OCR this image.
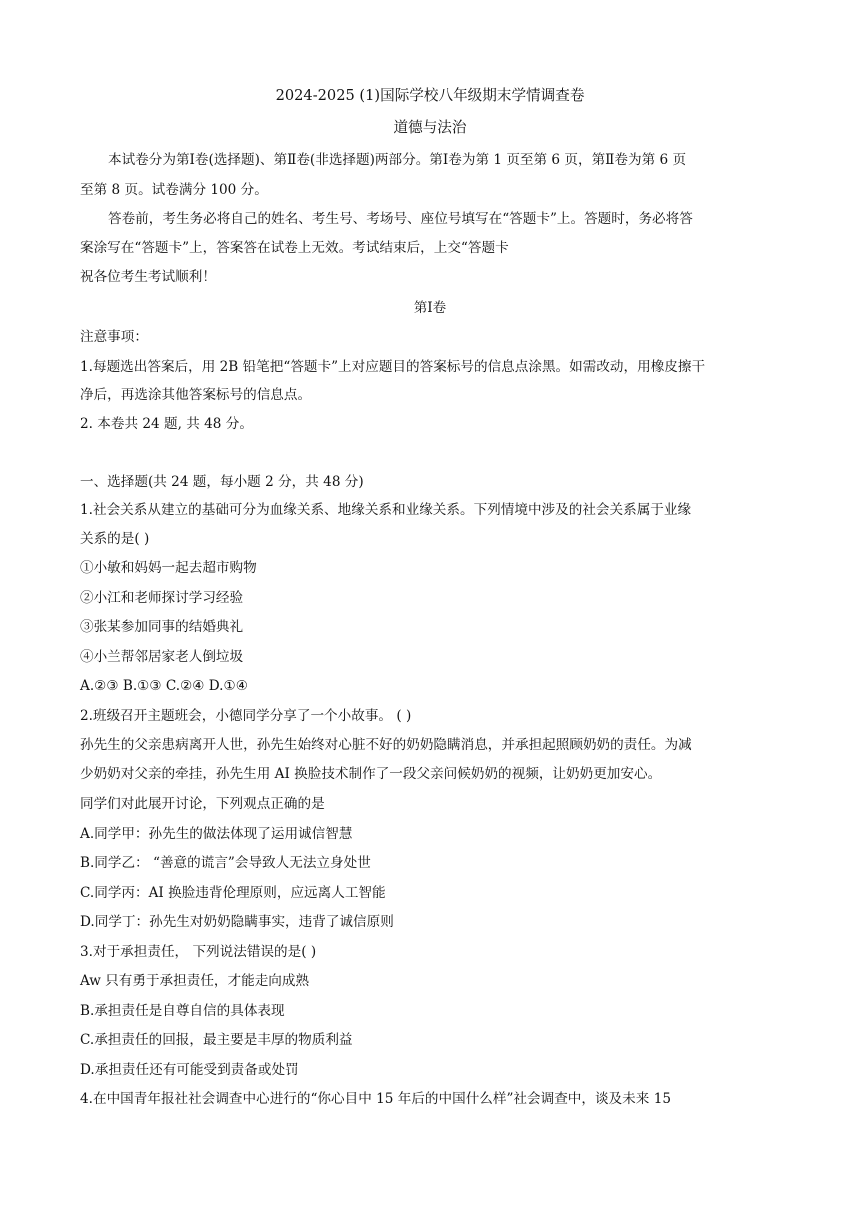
2024-2025 (1)国际学校八年级期末学情调查卷
道德与法治
本试卷分为第Ⅰ卷(选择题)、第Ⅱ卷(非选择题)两部分。第Ⅰ卷为第 1 页至第 6 页，第Ⅱ卷为第 6 页
至第 8 页。试卷满分 100 分。
答卷前，考生务必将自己的姓名、考生号、考场号、座位号填写在“答题卡”上。答题时，务必将答
案涂写在“答题卡”上，答案答在试卷上无效。考试结束后，上交“答题卡
祝各位考生考试顺利！
第Ⅰ卷
注意事项：
1.每题选出答案后，用 2B 铅笔把“答题卡”上对应题目的答案标号的信息点涂黑。如需改动，用橡皮擦干
净后，再选涂其他答案标号的信息点。
2. 本卷共 24 题, 共 48 分。
一、选择题(共 24 题，每小题 2 分，共 48 分)
1.社会关系从建立的基础可分为血缘关系、地缘关系和业缘关系。下列情境中涉及的社会关系属于业缘
关系的是( )
①小敏和妈妈一起去超市购物
②小江和老师探讨学习经验
③张某参加同事的结婚典礼
④小兰帮邻居家老人倒垃圾
A.②③ B.①③ C.②④ D.①④
2.班级召开主题班会，小德同学分享了一个小故事。 ( )
孙先生的父亲患病离开人世，孙先生始终对心脏不好的奶奶隐瞒消息，并承担起照顾奶奶的责任。为减
少奶奶对父亲的牵挂，孙先生用 AI 换脸技术制作了一段父亲问候奶奶的视频，让奶奶更加安心。
同学们对此展开讨论，下列观点正确的是
A.同学甲：孙先生的做法体现了运用诚信智慧
B.同学乙： “善意的谎言”会导致人无法立身处世
C.同学丙：AI 换脸违背伦理原则，应远离人工智能
D.同学丁：孙先生对奶奶隐瞒事实，违背了诚信原则
3.对于承担责任， 下列说法错误的是( )
Aw 只有勇于承担责任，才能走向成熟
B.承担责任是自尊自信的具体表现
C.承担责任的回报，最主要是丰厚的物质利益
D.承担责任还有可能受到责备或处罚
4.在中国青年报社社会调查中心进行的“你心目中 15 年后的中国什么样”社会调查中，谈及未来 15
